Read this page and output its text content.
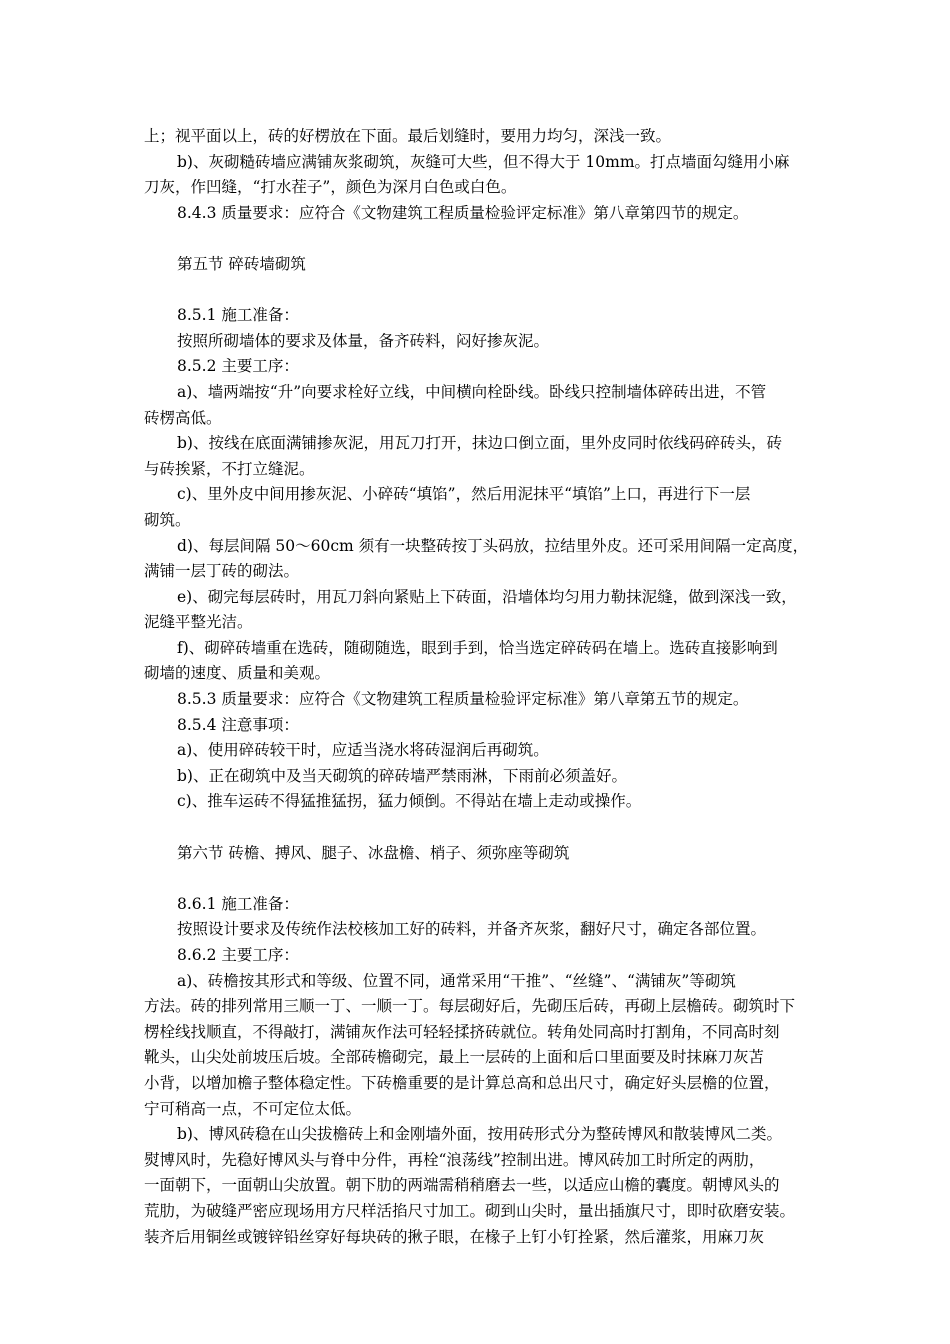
上；视平面以上，砖的好楞放在下面。最后划缝时，要用力均匀，深浅一致。
b)、灰砌糙砖墙应满铺灰浆砌筑，灰缝可大些，但不得大于 10mm。打点墙面勾缝用小麻
刀灰，作凹缝，“打水茬子”，颜色为深月白色或白色。
8.4.3 质量要求：应符合《文物建筑工程质量检验评定标准》第八章第四节的规定。
第五节 碎砖墙砌筑
8.5.1 施工准备：
按照所砌墙体的要求及体量，备齐砖料，闷好掺灰泥。
8.5.2 主要工序：
a)、墙两端按“升”向要求栓好立线，中间横向栓卧线。卧线只控制墙体碎砖出进，不管
砖楞高低。
b)、按线在底面满铺掺灰泥，用瓦刀打开，抹边口倒立面，里外皮同时依线码碎砖头，砖
与砖挨紧，不打立缝泥。
c)、里外皮中间用掺灰泥、小碎砖“填馅”，然后用泥抹平“填馅”上口，再进行下一层
砌筑。
d)、每层间隔 50～60cm 须有一块整砖按丁头码放，拉结里外皮。还可采用间隔一定高度，
满铺一层丁砖的砌法。
e)、砌完每层砖时，用瓦刀斜向紧贴上下砖面，沿墙体均匀用力勒抹泥缝，做到深浅一致，
泥缝平整光洁。
f)、砌碎砖墙重在选砖，随砌随选，眼到手到，恰当选定碎砖码在墙上。选砖直接影响到
砌墙的速度、质量和美观。
8.5.3 质量要求：应符合《文物建筑工程质量检验评定标准》第八章第五节的规定。
8.5.4 注意事项：
a)、使用碎砖较干时，应适当浇水将砖湿润后再砌筑。
b)、正在砌筑中及当天砌筑的碎砖墙严禁雨淋，下雨前必须盖好。
c)、推车运砖不得猛推猛拐，猛力倾倒。不得站在墙上走动或操作。
第六节 砖檐、搏风、腿子、冰盘檐、梢子、须弥座等砌筑
8.6.1 施工准备：
按照设计要求及传统作法校核加工好的砖料，并备齐灰浆，翻好尺寸，确定各部位置。
8.6.2 主要工序：
a)、砖檐按其形式和等级、位置不同，通常采用“干推”、“丝缝”、“满铺灰”等砌筑
方法。砖的排列常用三顺一丁、一顺一丁。每层砌好后，先砌压后砖，再砌上层檐砖。砌筑时下
楞栓线找顺直，不得敲打，满铺灰作法可轻轻揉挤砖就位。转角处同高时打割角，不同高时刻
靴头，山尖处前坡压后坡。全部砖檐砌完，最上一层砖的上面和后口里面要及时抹麻刀灰苫
小背，以增加檐子整体稳定性。下砖檐重要的是计算总高和总出尺寸，确定好头层檐的位置，
宁可稍高一点，不可定位太低。
b)、博风砖稳在山尖拔檐砖上和金刚墙外面，按用砖形式分为整砖博风和散装博风二类。
熨博风时，先稳好博风头与脊中分件，再栓“浪荡线”控制出进。博风砖加工时所定的两肋，
一面朝下，一面朝山尖放置。朝下肋的两端需稍稍磨去一些，以适应山檐的囊度。朝博风头的
荒肋，为破缝严密应现场用方尺样活掐尺寸加工。砌到山尖时，量出插旗尺寸，即时砍磨安装。
装齐后用铜丝或镀锌铅丝穿好每块砖的揪子眼，在椽子上钉小钉拴紧，然后灌浆，用麻刀灰
